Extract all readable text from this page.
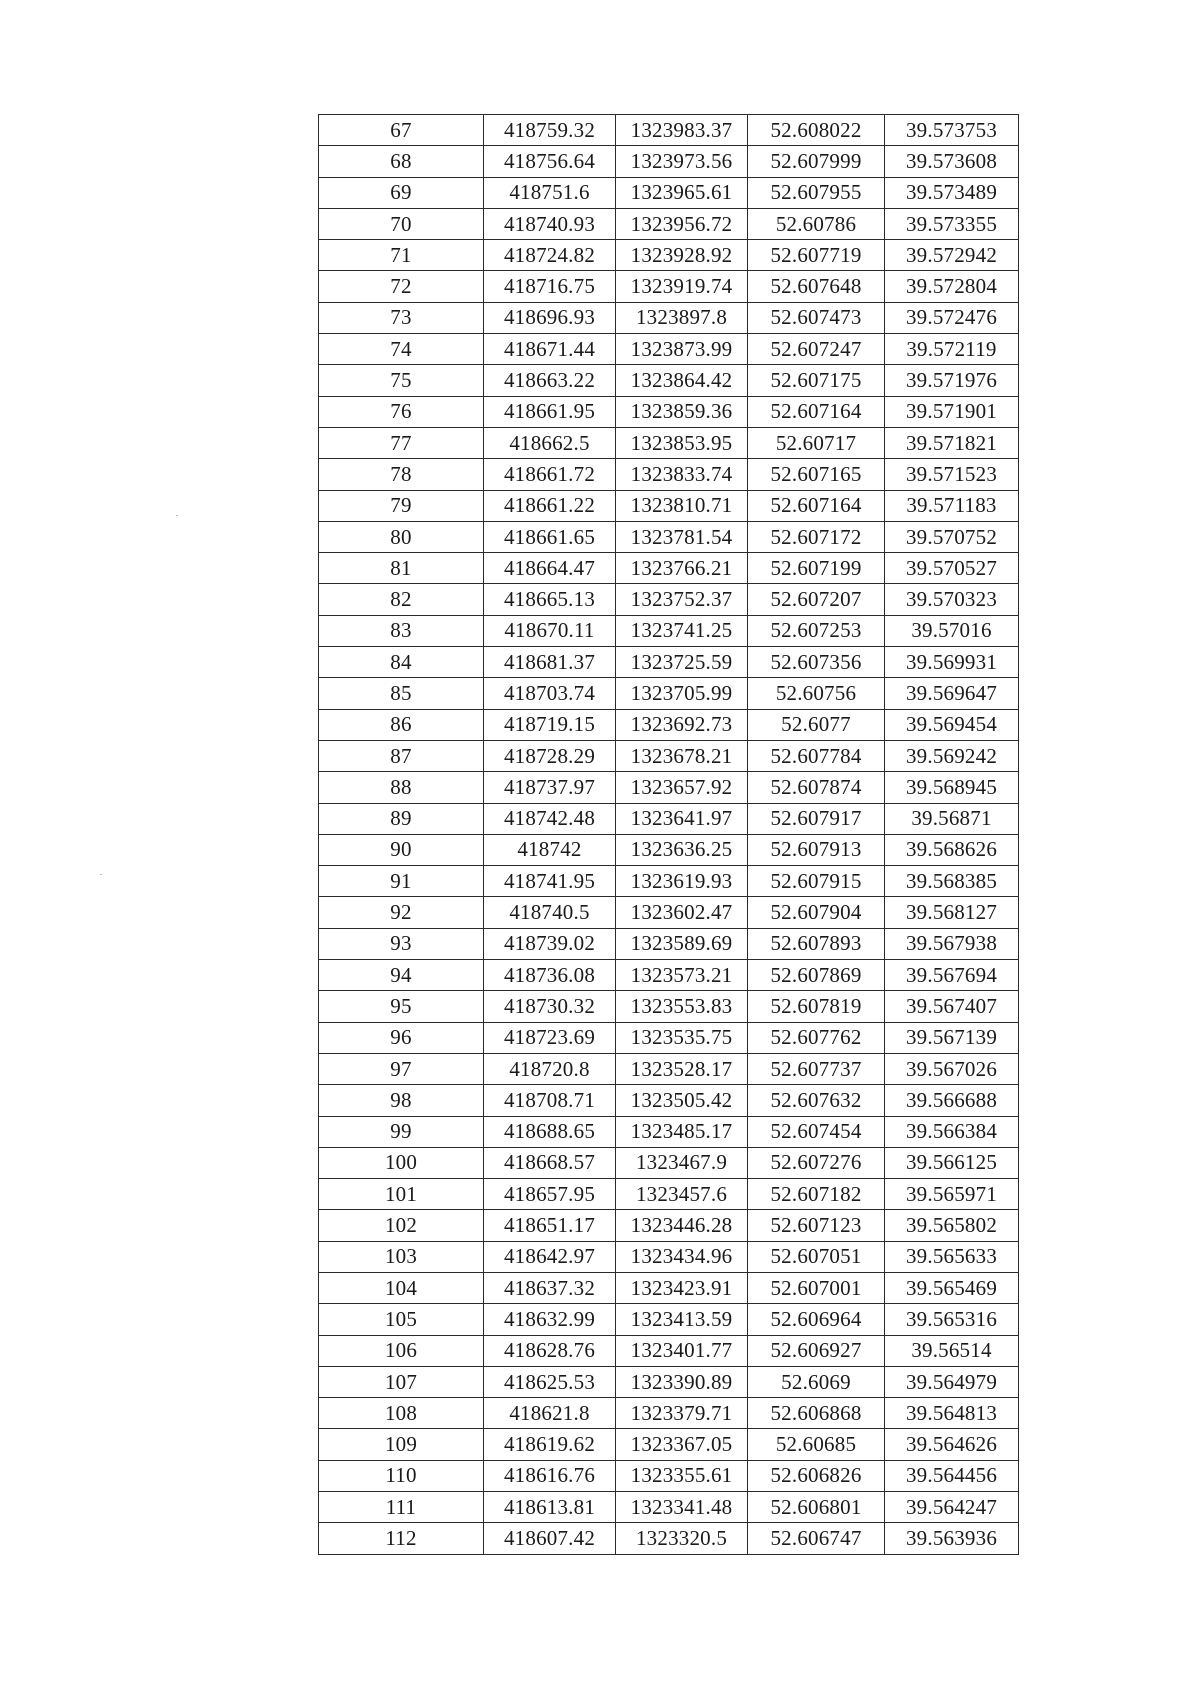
67	418759.32	1323983.37	52.608022	39.573753
68	418756.64	1323973.56	52.607999	39.573608
69	418751.6	1323965.61	52.607955	39.573489
70	418740.93	1323956.72	52.60786	39.573355
71	418724.82	1323928.92	52.607719	39.572942
72	418716.75	1323919.74	52.607648	39.572804
73	418696.93	1323897.8	52.607473	39.572476
74	418671.44	1323873.99	52.607247	39.572119
75	418663.22	1323864.42	52.607175	39.571976
76	418661.95	1323859.36	52.607164	39.571901
77	418662.5	1323853.95	52.60717	39.571821
78	418661.72	1323833.74	52.607165	39.571523
79	418661.22	1323810.71	52.607164	39.571183
80	418661.65	1323781.54	52.607172	39.570752
81	418664.47	1323766.21	52.607199	39.570527
82	418665.13	1323752.37	52.607207	39.570323
83	418670.11	1323741.25	52.607253	39.57016
84	418681.37	1323725.59	52.607356	39.569931
85	418703.74	1323705.99	52.60756	39.569647
86	418719.15	1323692.73	52.6077	39.569454
87	418728.29	1323678.21	52.607784	39.569242
88	418737.97	1323657.92	52.607874	39.568945
89	418742.48	1323641.97	52.607917	39.56871
90	418742	1323636.25	52.607913	39.568626
91	418741.95	1323619.93	52.607915	39.568385
92	418740.5	1323602.47	52.607904	39.568127
93	418739.02	1323589.69	52.607893	39.567938
94	418736.08	1323573.21	52.607869	39.567694
95	418730.32	1323553.83	52.607819	39.567407
96	418723.69	1323535.75	52.607762	39.567139
97	418720.8	1323528.17	52.607737	39.567026
98	418708.71	1323505.42	52.607632	39.566688
99	418688.65	1323485.17	52.607454	39.566384
100	418668.57	1323467.9	52.607276	39.566125
101	418657.95	1323457.6	52.607182	39.565971
102	418651.17	1323446.28	52.607123	39.565802
103	418642.97	1323434.96	52.607051	39.565633
104	418637.32	1323423.91	52.607001	39.565469
105	418632.99	1323413.59	52.606964	39.565316
106	418628.76	1323401.77	52.606927	39.56514
107	418625.53	1323390.89	52.6069	39.564979
108	418621.8	1323379.71	52.606868	39.564813
109	418619.62	1323367.05	52.60685	39.564626
110	418616.76	1323355.61	52.606826	39.564456
111	418613.81	1323341.48	52.606801	39.564247
112	418607.42	1323320.5	52.606747	39.563936
